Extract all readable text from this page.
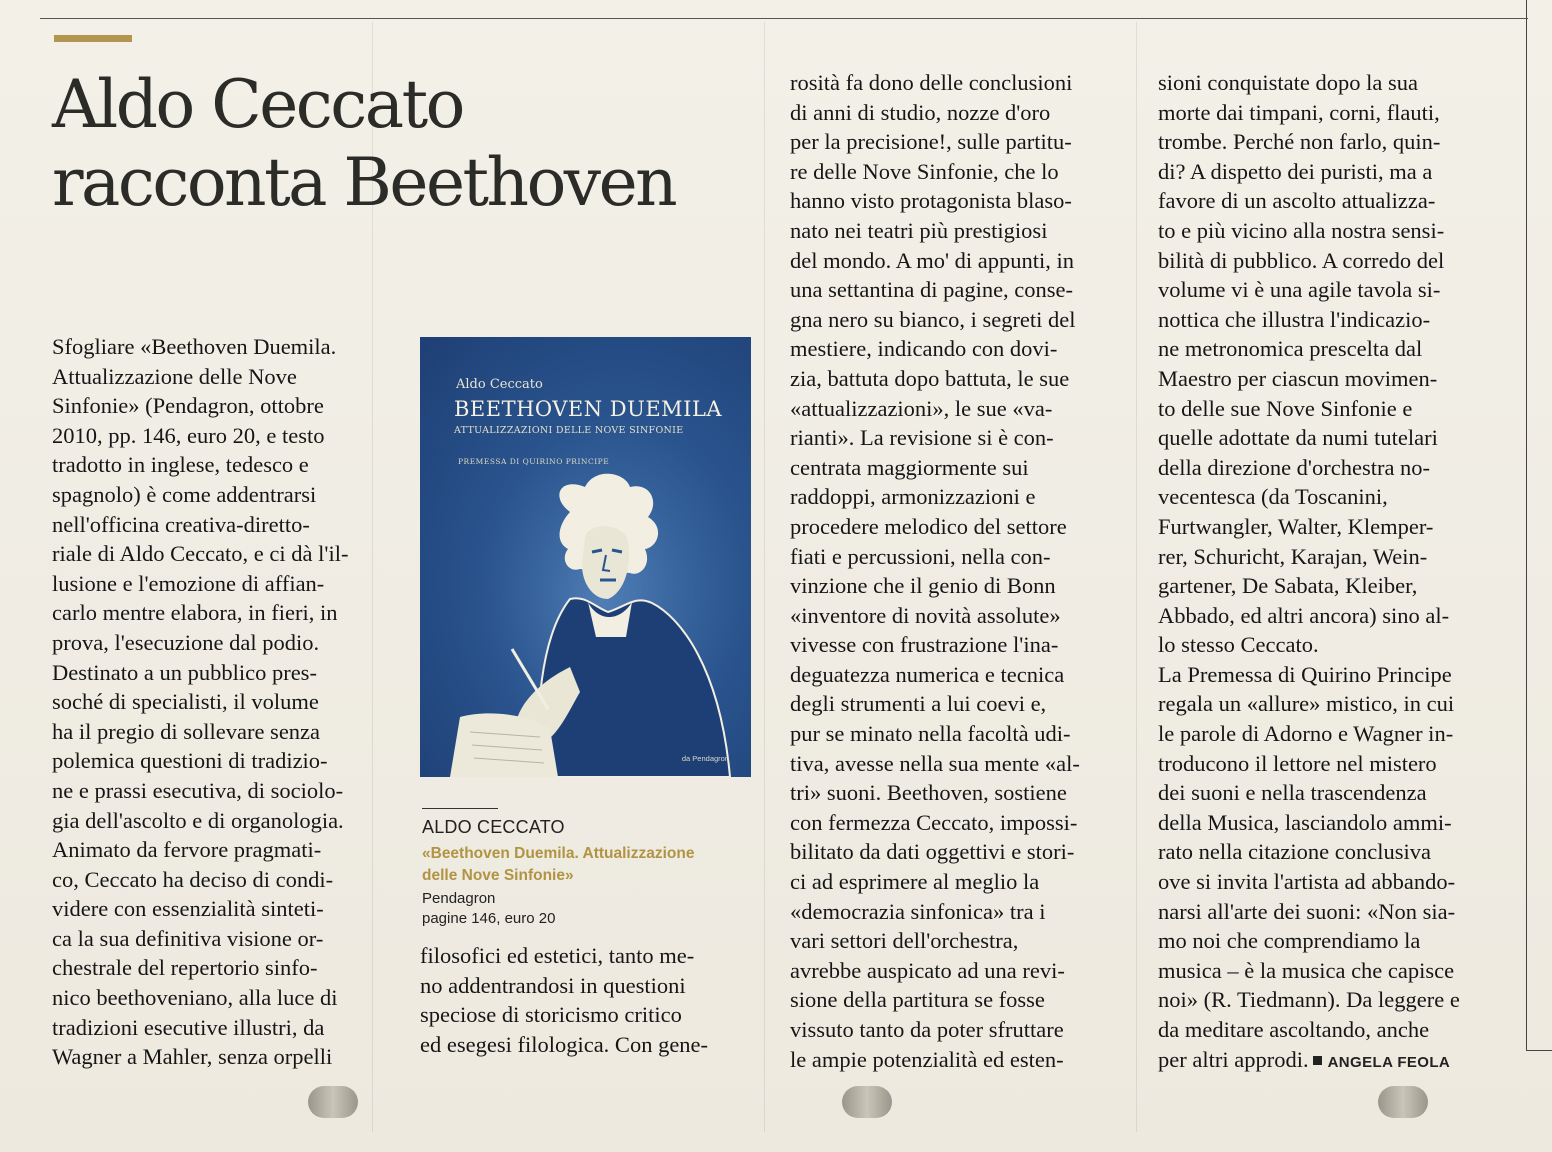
Aldo Ceccato
racconta Beethoven
Sfogliare «Beethoven Duemila.
Attualizzazione delle Nove
Sinfonie» (Pendagron, ottobre
2010, pp. 146, euro 20, e testo
tradotto in inglese, tedesco e
spagnolo) è come addentrarsi
nell'officina creativa-diretto-
riale di Aldo Ceccato, e ci dà l'il-
lusione e l'emozione di affian-
carlo mentre elabora, in fieri, in
prova, l'esecuzione dal podio.
Destinato a un pubblico pres-
soché di specialisti, il volume
ha il pregio di sollevare senza
polemica questioni di tradizio-
ne e prassi esecutiva, di sociolo-
gia dell'ascolto e di organologia.
Animato da fervore pragmati-
co, Ceccato ha deciso di condi-
videre con essenzialità sinteti-
ca la sua definitiva visione or-
chestrale del repertorio sinfo-
nico beethoveniano, alla luce di
tradizioni esecutive illustri, da
Wagner a Mahler, senza orpelli
Aldo Ceccato
BEETHOVEN DUEMILA
ATTUALIZZAZIONI DELLE NOVE SINFONIE
PREMESSA DI QUIRINO PRINCIPE
da Pendagron
ALDO CECCATO
«Beethoven Duemila. Attualizzazione
delle Nove Sinfonie»
Pendagron
pagine 146, euro 20
filosofici ed estetici, tanto me-
no addentrandosi in questioni
speciose di storicismo critico
ed esegesi filologica. Con gene-
rosità fa dono delle conclusioni
di anni di studio, nozze d'oro
per la precisione!, sulle partitu-
re delle Nove Sinfonie, che lo
hanno visto protagonista blaso-
nato nei teatri più prestigiosi
del mondo. A mo' di appunti, in
una settantina di pagine, conse-
gna nero su bianco, i segreti del
mestiere, indicando con dovi-
zia, battuta dopo battuta, le sue
«attualizzazioni», le sue «va-
rianti». La revisione si è con-
centrata maggiormente sui
raddoppi, armonizzazioni e
procedere melodico del settore
fiati e percussioni, nella con-
vinzione che il genio di Bonn
«inventore di novità assolute»
vivesse con frustrazione l'ina-
deguatezza numerica e tecnica
degli strumenti a lui coevi e,
pur se minato nella facoltà udi-
tiva, avesse nella sua mente «al-
tri» suoni. Beethoven, sostiene
con fermezza Ceccato, impossi-
bilitato da dati oggettivi e stori-
ci ad esprimere al meglio la
«democrazia sinfonica» tra i
vari settori dell'orchestra,
avrebbe auspicato ad una revi-
sione della partitura se fosse
vissuto tanto da poter sfruttare
le ampie potenzialità ed esten-
sioni conquistate dopo la sua
morte dai timpani, corni, flauti,
trombe. Perché non farlo, quin-
di? A dispetto dei puristi, ma a
favore di un ascolto attualizza-
to e più vicino alla nostra sensi-
bilità di pubblico. A corredo del
volume vi è una agile tavola si-
nottica che illustra l'indicazio-
ne metronomica prescelta dal
Maestro per ciascun movimen-
to delle sue Nove Sinfonie e
quelle adottate da numi tutelari
della direzione d'orchestra no-
vecentesca (da Toscanini,
Furtwangler, Walter, Klemper-
rer, Schuricht, Karajan, Wein-
gartener, De Sabata, Kleiber,
Abbado, ed altri ancora) sino al-
lo stesso Ceccato.
La Premessa di Quirino Principe
regala un «allure» mistico, in cui
le parole di Adorno e Wagner in-
troducono il lettore nel mistero
dei suoni e nella trascendenza
della Musica, lasciandolo ammi-
rato nella citazione conclusiva
ove si invita l'artista ad abbando-
narsi all'arte dei suoni: «Non sia-
mo noi che comprendiamo la
musica – è la musica che capisce
noi» (R. Tiedmann). Da leggere e
da meditare ascoltando, anche
per altri approdi. ANGELA FEOLA
